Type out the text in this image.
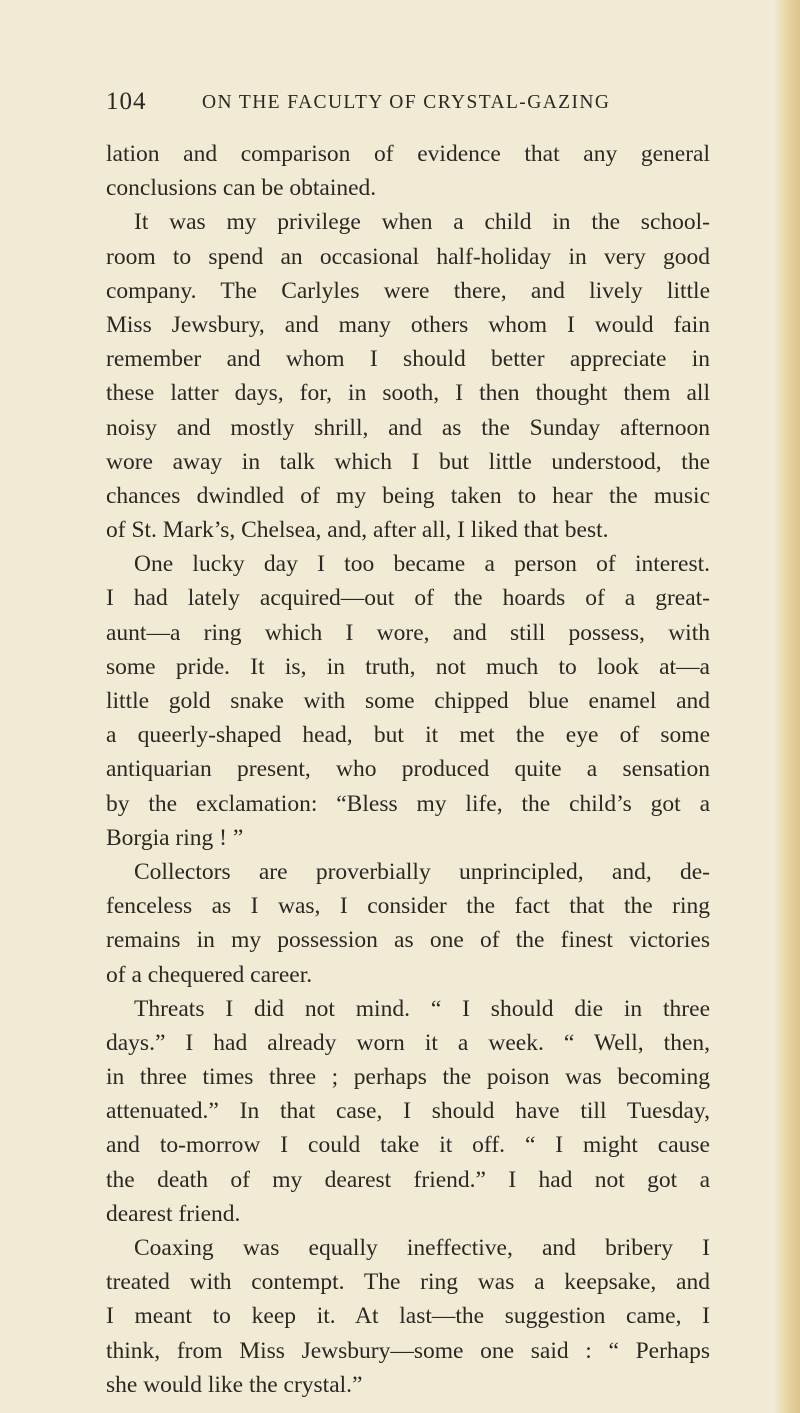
104	ON THE FACULTY OF CRYSTAL-GAZING
lation and comparison of evidence that any general
conclusions can be obtained.
It was my privilege when a child in the school-
room to spend an occasional half-holiday in very good
company. The Carlyles were there, and lively little
Miss Jewsbury, and many others whom I would fain
remember and whom I should better appreciate in
these latter days, for, in sooth, I then thought them all
noisy and mostly shrill, and as the Sunday afternoon
wore away in talk which I but little understood, the
chances dwindled of my being taken to hear the music
of St. Mark’s, Chelsea, and, after all, I liked that best.
One lucky day I too became a person of interest.
I had lately acquired—out of the hoards of a great-
aunt—a ring which I wore, and still possess, with
some pride. It is, in truth, not much to look at—a
little gold snake with some chipped blue enamel and
a queerly-shaped head, but it met the eye of some
antiquarian present, who produced quite a sensation
by the exclamation: “Bless my life, the child’s got a
Borgia ring ! ”
Collectors are proverbially unprincipled, and, de-
fenceless as I was, I consider the fact that the ring
remains in my possession as one of the finest victories
of a chequered career.
Threats I did not mind. “ I should die in three
days.” I had already worn it a week. “ Well, then,
in three times three ; perhaps the poison was becoming
attenuated.” In that case, I should have till Tuesday,
and to-morrow I could take it off. “ I might cause
the death of my dearest friend.” I had not got a
dearest friend.
Coaxing was equally ineffective, and bribery I
treated with contempt. The ring was a keepsake, and
I meant to keep it. At last—the suggestion came, I
think, from Miss Jewsbury—some one said : “ Perhaps
she would like the crystal.”
